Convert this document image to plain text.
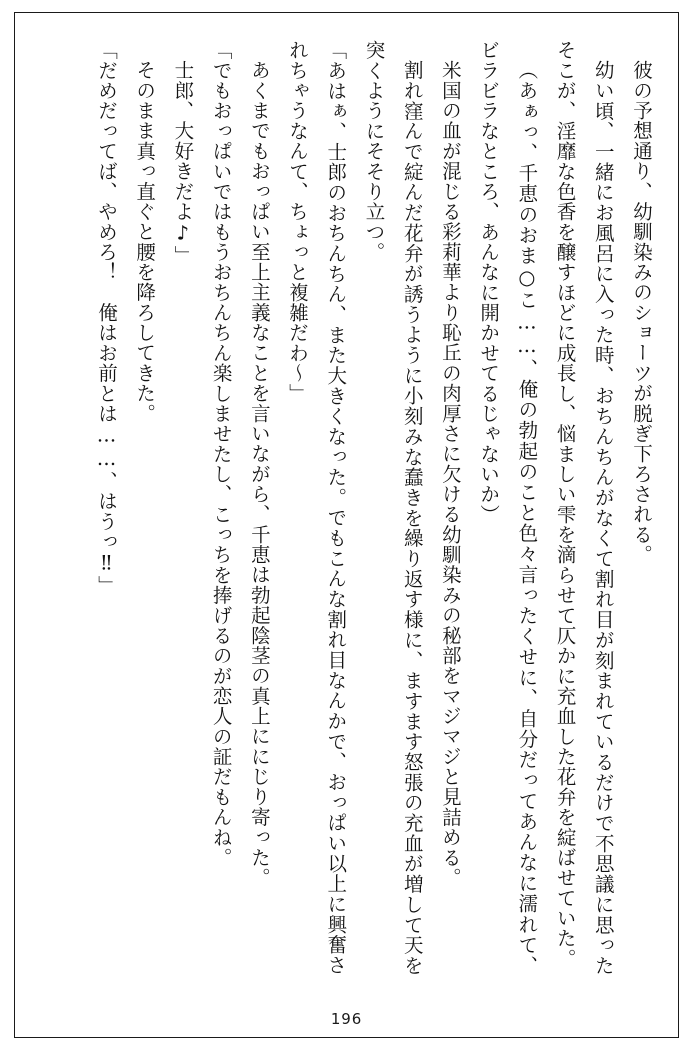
彼の予想通り、幼馴染みのショーツが脱ぎ下ろされる。

幼い頃、一緒にお風呂に入った時、おちんちんがなくて割れ目が刻まれているだけで不思議に思ったそこが、淫靡な色香を醸すほどに成長し、悩ましい雫を滴らせて仄かに充血した花弁を綻ばせていた。

（あぁっ、千恵のおま○こ……、俺の勃起のこと色々言ったくせに、自分だってあんなに濡れて、ビラビラなところ、あんなに開かせてるじゃないか）

米国の血が混じる彩莉華より恥丘の肉厚さに欠ける幼馴染みの秘部をマジマジと見詰める。

割れ窪んで綻んだ花弁が誘うように小刻みな蠢きを繰り返す様に、ますます怒張の充血が増して天を突くようにそそり立つ。

「あはぁ、士郎のおちんちん、また大きくなった。でもこんな割れ目なんかで、おっぱい以上に興奮されちゃうなんて、ちょっと複雑だわ～」

あくまでもおっぱい至上主義なことを言いながら、千恵は勃起陰茎の真上ににじり寄った。

「でもおっぱいではもうおちんちん楽しませたし、こっちを捧げるのが恋人の証だもんね。

士郎、大好きだよ♪」

そのまま真っ直ぐと腰を降ろしてきた。

「だめだってば、やめろ！　俺はお前とは……、はうっ‼」

196
